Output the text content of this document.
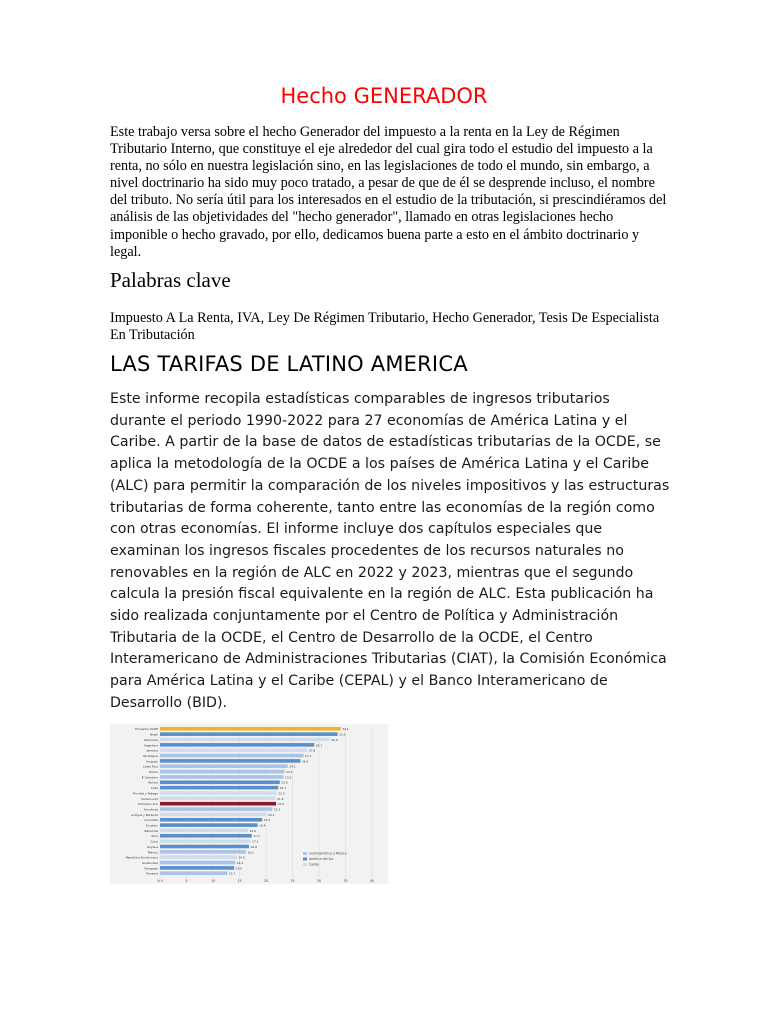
Hecho GENERADOR
Este trabajo versa sobre el hecho Generador del impuesto a la renta en la Ley de Régimen Tributario Interno, que constituye el eje alrededor del cual gira todo el estudio del impuesto a la renta, no sólo en nuestra legislación sino, en las legislaciones de todo el mundo, sin embargo, a nivel doctrinario ha sido muy poco tratado, a pesar de que de él se desprende incluso, el nombre del tributo. No sería útil para los interesados en el estudio de la tributación, si prescindiéramos del análisis de las objetividades del "hecho generador", llamado en otras legislaciones hecho imponible o hecho gravado, por ello, dedicamos buena parte a esto en el ámbito doctrinario y legal.
Palabras clave
Impuesto A La Renta, IVA, Ley De Régimen Tributario, Hecho Generador, Tesis De Especialista En Tributación
LAS TARIFAS DE LATINO AMERICA
Este informe recopila estadísticas comparables de ingresos tributarios durante el periodo 1990-2022 para 27 economías de América Latina y el Caribe. A partir de la base de datos de estadísticas tributarias de la OCDE, se aplica la metodología de la OCDE a los países de América Latina y el Caribe (ALC) para permitir la comparación de los niveles impositivos y las estructuras tributarias de forma coherente, tanto entre las economías de la región como con otras economías. El informe incluye dos capítulos especiales que examinan los ingresos fiscales procedentes de los recursos naturales no renovables en la región de ALC en 2022 y 2023, mientras que el segundo calcula la presión fiscal equivalente en la región de ALC. Esta publicación ha sido realizada conjuntamente por el Centro de Política y Administración Tributaria de la OCDE, el Centro de Desarrollo de la OCDE, el Centro Interamericano de Administraciones Tributarias (CIAT), la Comisión Económica para América Latina y el Caribe (CEPAL) y el Banco Interamericano de Desarrollo (BID).
Promedio OCDE	34.1
Brasil	33.5
Barbados	32.0
Argentina	29.1
Jamaica	27.8
Nicaragua	27.1
Uruguay	26.5
Costa Rica	24.1
Belice	23.5
El Salvador	23.3
Bolivia	22.6
Chile	22.3
Trinidad y Tabago	22.0
Santa Lucía	21.8
Promedio ALC	21.9
Honduras	21.2
Antigua y Barbuda	20.1
Colombia	19.3
Ecuador	18.4
Bahamas	16.6
Perú	17.3
Cuba	17.1
Guyana	16.8
México	16.2
República Dominicana	14.5
Guatemala	14.2
Paraguay	14.0
Panamá	12.7
% 0	5	10	15	20	25	30	35	40
Centroamérica y México
América del Sur
Caribe
